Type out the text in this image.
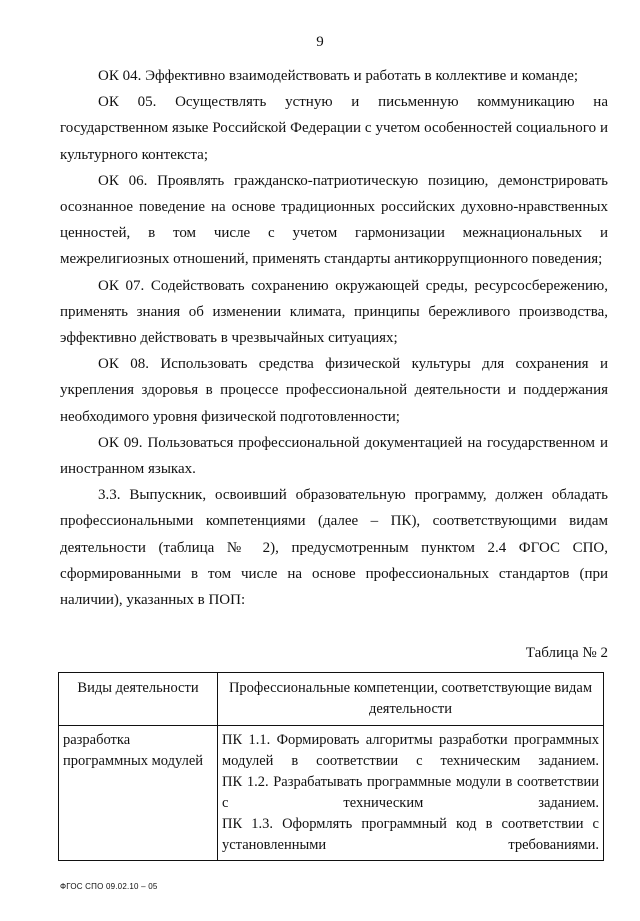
9

ОК 04. Эффективно взаимодействовать и работать в коллективе и команде;

ОК 05. Осуществлять устную и письменную коммуникацию на государственном языке Российской Федерации с учетом особенностей социального и культурного контекста;

ОК 06. Проявлять гражданско-патриотическую позицию, демонстрировать осознанное поведение на основе традиционных российских духовно-нравственных ценностей, в том числе с учетом гармонизации межнациональных и межрелигиозных отношений, применять стандарты антикоррупционного поведения;

ОК 07. Содействовать сохранению окружающей среды, ресурсосбережению, применять знания об изменении климата, принципы бережливого производства, эффективно действовать в чрезвычайных ситуациях;

ОК 08. Использовать средства физической культуры для сохранения и укрепления здоровья в процессе профессиональной деятельности и поддержания необходимого уровня физической подготовленности;

ОК 09. Пользоваться профессиональной документацией на государственном и иностранном языках.

3.3. Выпускник, освоивший образовательную программу, должен обладать профессиональными компетенциями (далее – ПК), соответствующими видам деятельности (таблица № 2), предусмотренным пунктом 2.4 ФГОС СПО, сформированными в том числе на основе профессиональных стандартов (при наличии), указанных в ПОП:

Таблица № 2
Виды деятельности	Профессиональные компетенции, соответствующие видам деятельности
разработка программных модулей	ПК 1.1. Формировать алгоритмы разработки программных модулей в соответствии с техническим заданием.
ПК 1.2. Разрабатывать программные модули в соответствии с техническим заданием.
ПК 1.3. Оформлять программный код в соответствии с установленными требованиями.
ФГОС СПО 09.02.10 – 05
